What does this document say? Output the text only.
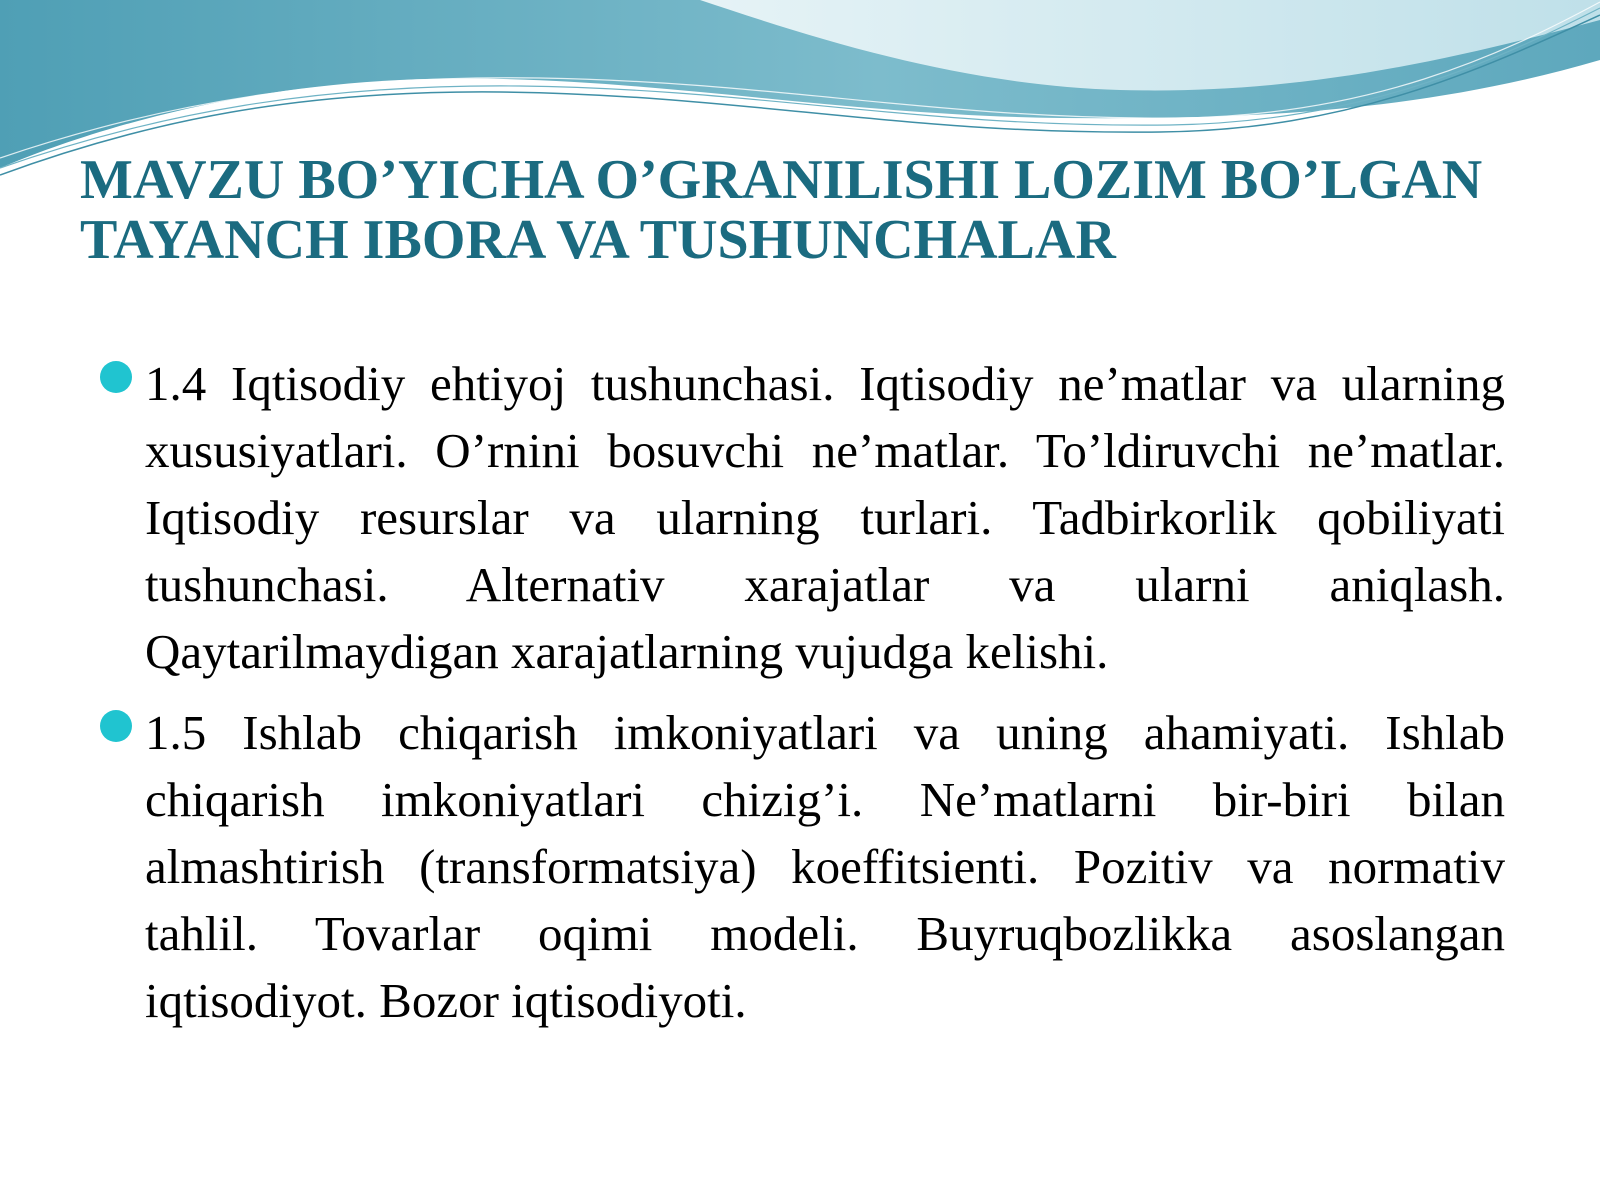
MAVZU BO’YICHA O’GRANILISHI LOZIM BO’LGAN TAYANCH IBORA VA TUSHUNCHALAR
1.4 Iqtisodiy ehtiyoj tushunchasi. Iqtisodiy ne’matlar va ularning xususiyatlari. O’rnini bosuvchi ne’matlar. To’ldiruvchi ne’matlar. Iqtisodiy resurslar va ularning turlari. Tadbirkorlik qobiliyati tushunchasi. Alternativ xarajatlar va ularni aniqlash. Qaytarilmaydigan xarajatlarning vujudga kelishi.
1.5 Ishlab chiqarish imkoniyatlari va uning ahamiyati. Ishlab chiqarish imkoniyatlari chizig’i. Ne’matlarni bir-biri bilan almashtirish (transformatsiya) koeffitsienti. Pozitiv va normativ tahlil. Tovarlar oqimi modeli. Buyruqbozlikka asoslangan iqtisodiyot. Bozor iqtisodiyoti.
